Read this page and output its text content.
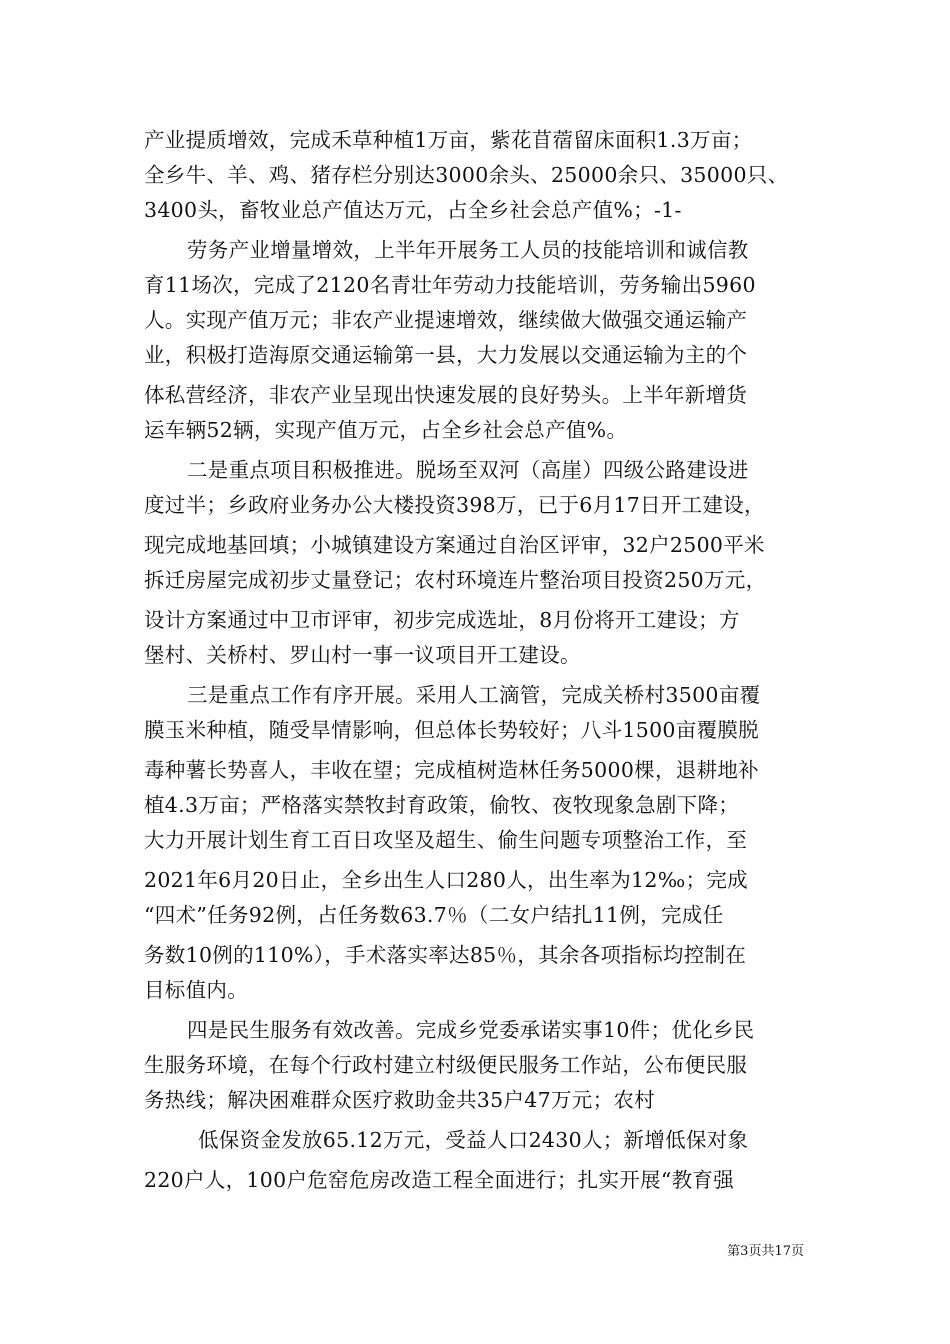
产业提质增效，完成禾草种植1万亩，紫花苜蓿留床面积1.3万亩；
全乡牛、羊、鸡、猪存栏分别达3000余头、25000余只、35000只、
3400头，畜牧业总产值达万元，占全乡社会总产值%；-1-
劳务产业增量增效，上半年开展务工人员的技能培训和诚信教
育11场次，完成了2120名青壮年劳动力技能培训，劳务输出5960
人。实现产值万元；非农产业提速增效，继续做大做强交通运输产
业，积极打造海原交通运输第一县，大力发展以交通运输为主的个
体私营经济，非农产业呈现出快速发展的良好势头。上半年新增货
运车辆52辆，实现产值万元，占全乡社会总产值%。
二是重点项目积极推进。脱场至双河（高崖）四级公路建设进
度过半；乡政府业务办公大楼投资398万，已于6月17日开工建设，
现完成地基回填；小城镇建设方案通过自治区评审，32户2500平米
拆迁房屋完成初步丈量登记；农村环境连片整治项目投资250万元，
设计方案通过中卫市评审，初步完成选址，8月份将开工建设；方
堡村、关桥村、罗山村一事一议项目开工建设。
三是重点工作有序开展。采用人工滴管，完成关桥村3500亩覆
膜玉米种植，随受旱情影响，但总体长势较好；八斗1500亩覆膜脱
毒种薯长势喜人，丰收在望；完成植树造林任务5000棵，退耕地补
植4.3万亩；严格落实禁牧封育政策，偷牧、夜牧现象急剧下降；
大力开展计划生育工百日攻坚及超生、偷生问题专项整治工作，至
2021年6月20日止，全乡出生人口280人，出生率为12‰；完成
“四术”任务92例，占任务数63.7％（二女户结扎11例，完成任
务数10例的110%），手术落实率达85％，其余各项指标均控制在
目标值内。
四是民生服务有效改善。完成乡党委承诺实事10件；优化乡民
生服务环境，在每个行政村建立村级便民服务工作站，公布便民服
务热线；解决困难群众医疗救助金共35户47万元；农村
低保资金发放65.12万元，受益人口2430人；新增低保对象
220户人，100户危窑危房改造工程全面进行；扎实开展“教育强
第3页共17页
